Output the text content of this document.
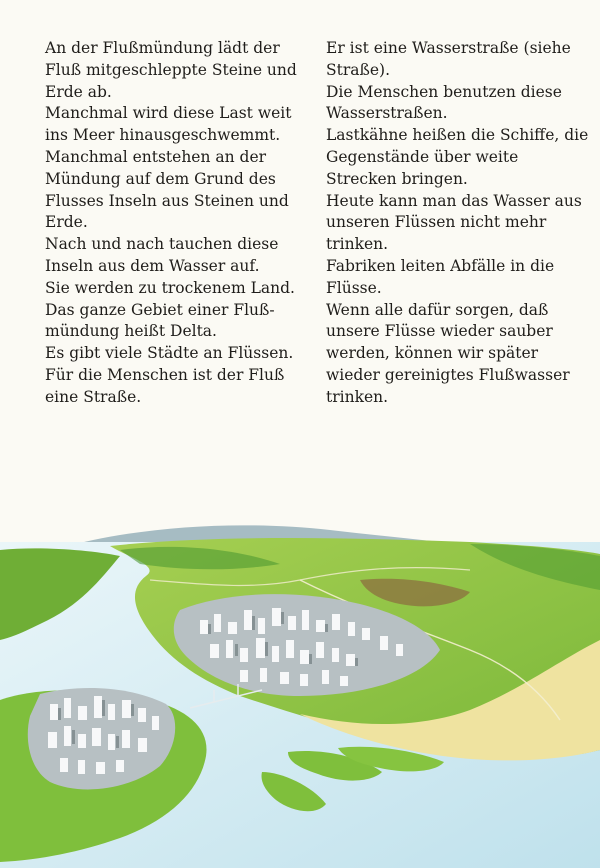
An der Flußmündung lädt der
Fluß mitgeschleppte Steine und
Erde ab.
Manchmal wird diese Last weit
ins Meer hinausgeschwemmt.
Manchmal entstehen an der
Mündung auf dem Grund des
Flusses Inseln aus Steinen und
Erde.
Nach und nach tauchen diese
Inseln aus dem Wasser auf.
Sie werden zu trockenem Land.
Das ganze Gebiet einer Fluß-
mündung heißt Delta.
Es gibt viele Städte an Flüssen.
Für die Menschen ist der Fluß
eine Straße.
Er ist eine Wasserstraße (siehe
Straße).
Die Menschen benutzen diese
Wasserstraßen.
Lastkähne heißen die Schiffe, die
Gegenstände über weite
Strecken bringen.
Heute kann man das Wasser aus
unseren Flüssen nicht mehr
trinken.
Fabriken leiten Abfälle in die
Flüsse.
Wenn alle dafür sorgen, daß
unsere Flüsse wieder sauber
werden, können wir später
wieder gereinigtes Flußwasser
trinken.
